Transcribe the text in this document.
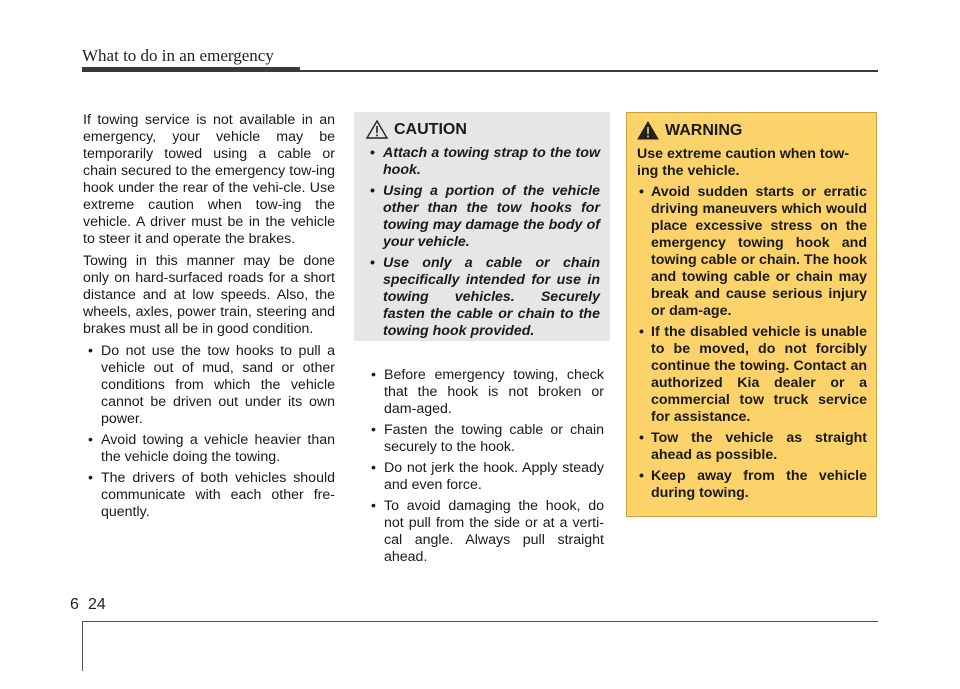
What to do in an emergency

If towing service is not available in an emergency, your vehicle may be temporarily towed using a cable or chain secured to the emergency tow-ing hook under the rear of the vehi-cle. Use extreme caution when tow-ing the vehicle. A driver must be in the vehicle to steer it and operate the brakes.

Towing in this manner may be done only on hard-surfaced roads for a short distance and at low speeds. Also, the wheels, axles, power train, steering and brakes must all be in good condition.

• Do not use the tow hooks to pull a vehicle out of mud, sand or other conditions from which the vehicle cannot be driven out under its own power.
• Avoid towing a vehicle heavier than the vehicle doing the towing.
• The drivers of both vehicles should communicate with each other fre-quently.
CAUTION
• Attach a towing strap to the tow hook.
• Using a portion of the vehicle other than the tow hooks for towing may damage the body of your vehicle.
• Use only a cable or chain specifically intended for use in towing vehicles. Securely fasten the cable or chain to the towing hook provided.
• Before emergency towing, check that the hook is not broken or dam-aged.
• Fasten the towing cable or chain securely to the hook.
• Do not jerk the hook. Apply steady and even force.
• To avoid damaging the hook, do not pull from the side or at a verti-cal angle. Always pull straight ahead.
WARNING
Use extreme caution when tow-ing the vehicle.
• Avoid sudden starts or erratic driving maneuvers which would place excessive stress on the emergency towing hook and towing cable or chain. The hook and towing cable or chain may break and cause serious injury or dam-age.
• If the disabled vehicle is unable to be moved, do not forcibly continue the towing. Contact an authorized Kia dealer or a commercial tow truck service for assistance.
• Tow the vehicle as straight ahead as possible.
• Keep away from the vehicle during towing.
6 24
